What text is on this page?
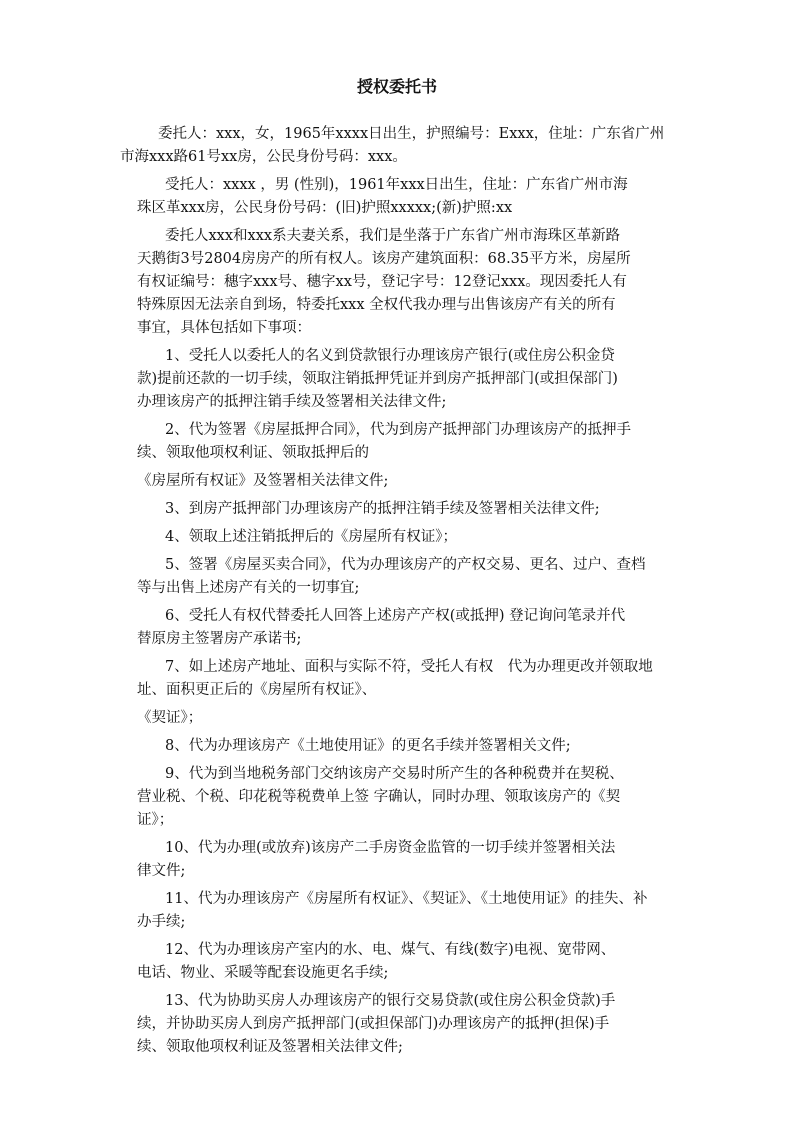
授权委托书
委托人：xxx，女，1965年xxxx日出生，护照编号：Exxx，住址：广东省广州
市海xxx路61号xx房，公民身份号码：xxx。
受托人：xxxx ，男 (性别)，1961年xxx日出生，住址：广东省广州市海
珠区革xxx房，公民身份号码：(旧)护照xxxxx;(新)护照:xx
委托人xxx和xxx系夫妻关系，我们是坐落于广东省广州市海珠区革新路
天鹅街3号2804房房产的所有权人。该房产建筑面积：68.35平方米，房屋所
有权证编号：穗字xxx号、穗字xx号，登记字号：12登记xxx。现因委托人有
特殊原因无法亲自到场，特委托xxx 全权代我办理与出售该房产有关的所有
事宜，具体包括如下事项：
1、受托人以委托人的名义到贷款银行办理该房产银行(或住房公积金贷
款)提前还款的一切手续，领取注销抵押凭证并到房产抵押部门(或担保部门)
办理该房产的抵押注销手续及签署相关法律文件;
2、代为签署《房屋抵押合同》，代为到房产抵押部门办理该房产的抵押手
续、领取他项权利证、领取抵押后的
《房屋所有权证》及签署相关法律文件;
3、到房产抵押部门办理该房产的抵押注销手续及签署相关法律文件;
4、领取上述注销抵押后的《房屋所有权证》；
5、签署《房屋买卖合同》，代为办理该房产的产权交易、更名、过户、查档
等与出售上述房产有关的一切事宜;
6、受托人有权代替委托人回答上述房产产权(或抵押) 登记询问笔录并代
替原房主签署房产承诺书;
7、如上述房产地址、面积与实际不符，受托人有权　代为办理更改并领取地
址、面积更正后的《房屋所有权证》、
《契证》；
8、代为办理该房产《土地使用证》的更名手续并签署相关文件;
9、代为到当地税务部门交纳该房产交易时所产生的各种税费并在契税、
营业税、个税、印花税等税费单上签 字确认，同时办理、领取该房产的《契
证》；
10、代为办理(或放弃)该房产二手房资金监管的一切手续并签署相关法
律文件;
11、代为办理该房产《房屋所有权证》、《契证》、《土地使用证》的挂失、补
办手续;
12、代为办理该房产室内的水、电、煤气、有线(数字)电视、宽带网、
电话、物业、采暖等配套设施更名手续;
13、代为协助买房人办理该房产的银行交易贷款(或住房公积金贷款)手
续，并协助买房人到房产抵押部门(或担保部门)办理该房产的抵押(担保)手
续、领取他项权利证及签署相关法律文件;
